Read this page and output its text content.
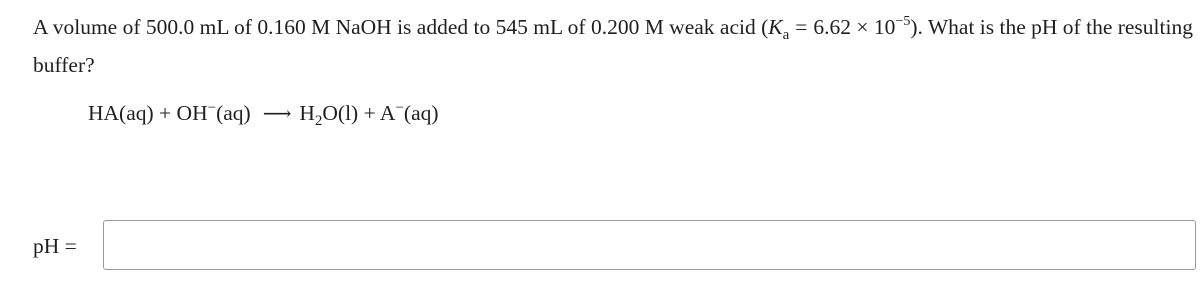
A volume of 500.0 mL of 0.160 M NaOH is added to 545 mL of 0.200 M weak acid $(K_a = 6.62 \times 10^{-5})$. What is the pH of the resulting buffer?
HA(aq) + OH−(aq) ⟶ $H_2O(l) + A^-(aq)$
pH =
